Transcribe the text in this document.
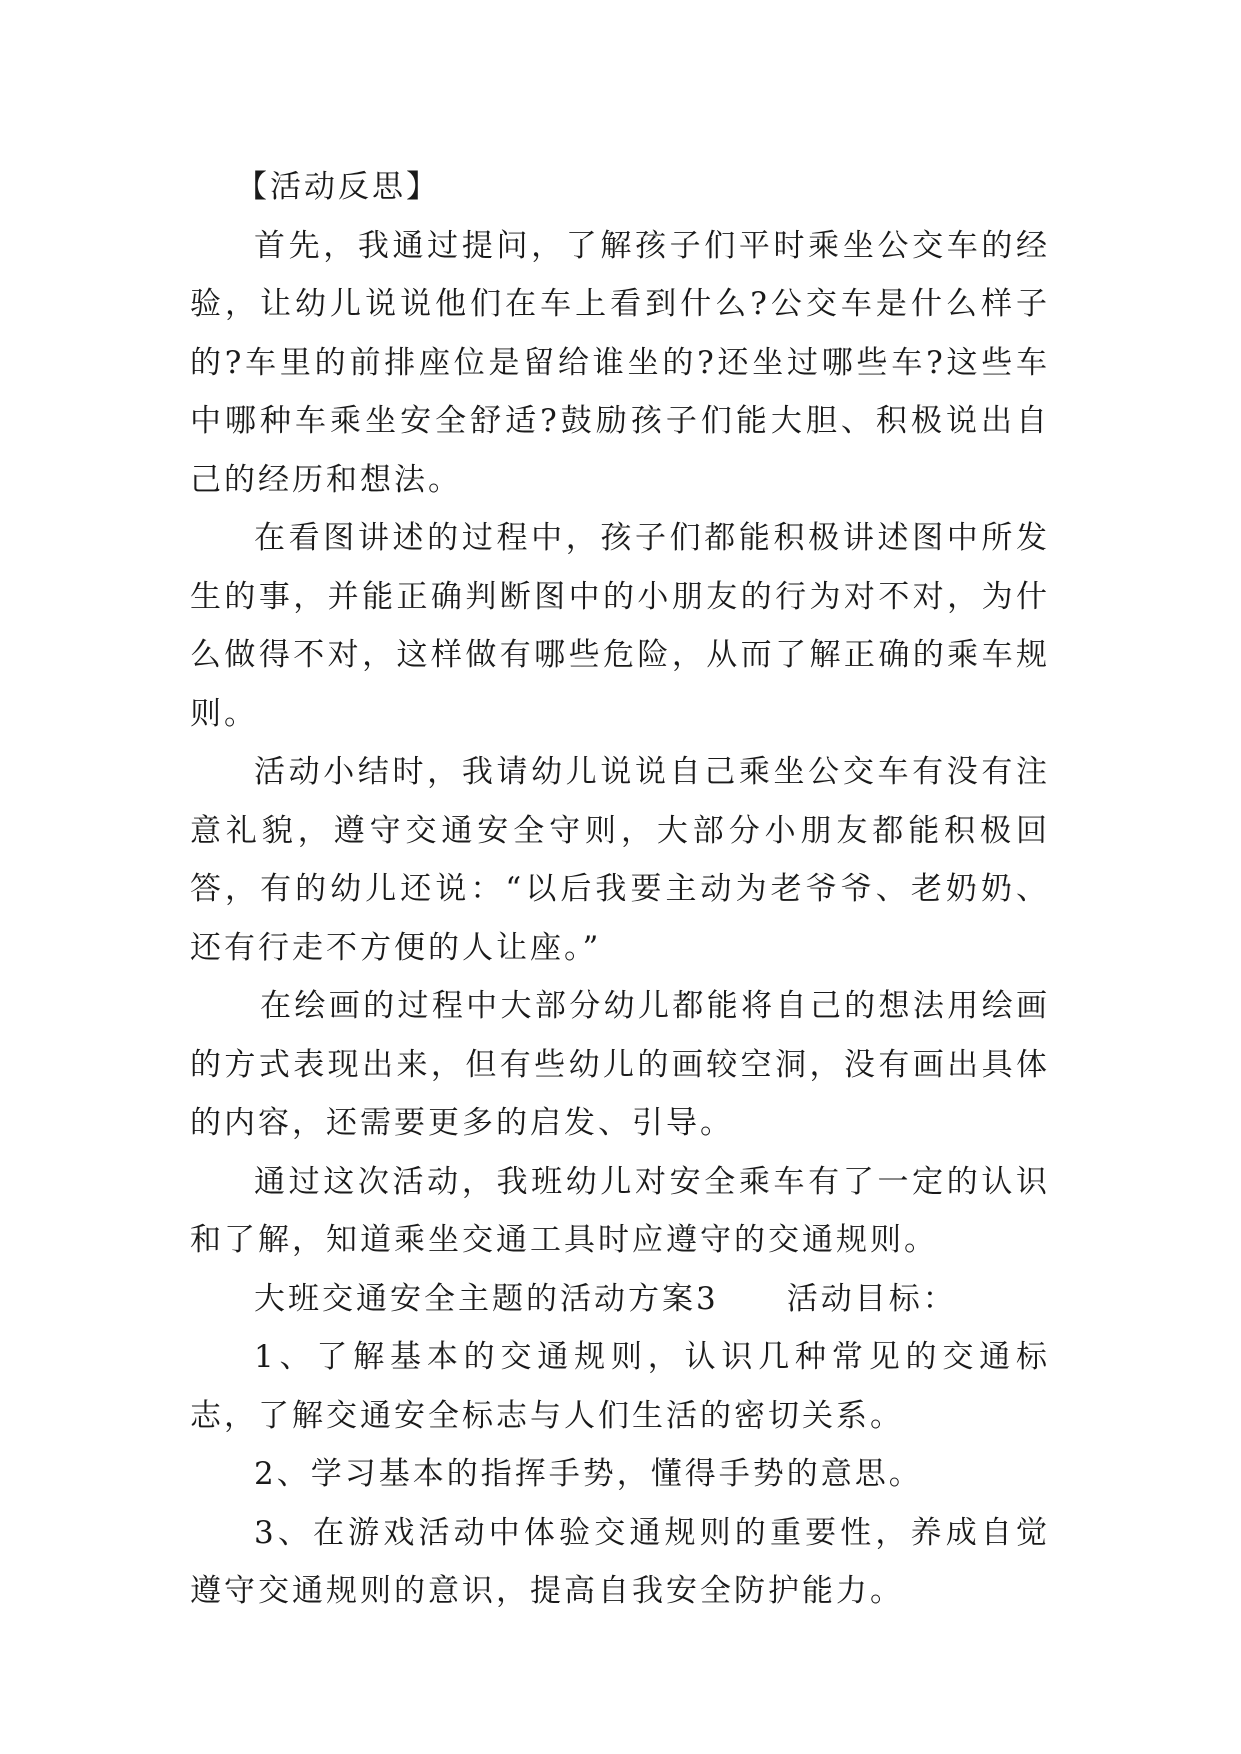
【活动反思】

首先，我通过提问，了解孩子们平时乘坐公交车的经验，让幼儿说说他们在车上看到什么?公交车是什么样子的?车里的前排座位是留给谁坐的?还坐过哪些车?这些车中哪种车乘坐安全舒适?鼓励孩子们能大胆、积极说出自己的经历和想法。

在看图讲述的过程中，孩子们都能积极讲述图中所发生的事，并能正确判断图中的小朋友的行为对不对，为什么做得不对，这样做有哪些危险，从而了解正确的乘车规则。

活动小结时，我请幼儿说说自己乘坐公交车有没有注意礼貌，遵守交通安全守则，大部分小朋友都能积极回答，有的幼儿还说：“以后我要主动为老爷爷、老奶奶、还有行走不方便的人让座。”

在绘画的过程中大部分幼儿都能将自己的想法用绘画的方式表现出来，但有些幼儿的画较空洞，没有画出具体的内容，还需要更多的启发、引导。

通过这次活动，我班幼儿对安全乘车有了一定的认识和了解，知道乘坐交通工具时应遵守的交通规则。

大班交通安全主题的活动方案3　　活动目标：

1、了解基本的交通规则，认识几种常见的交通标志，了解交通安全标志与人们生活的密切关系。

2、学习基本的指挥手势，懂得手势的意思。

3、在游戏活动中体验交通规则的重要性，养成自觉遵守交通规则的意识，提高自我安全防护能力。
